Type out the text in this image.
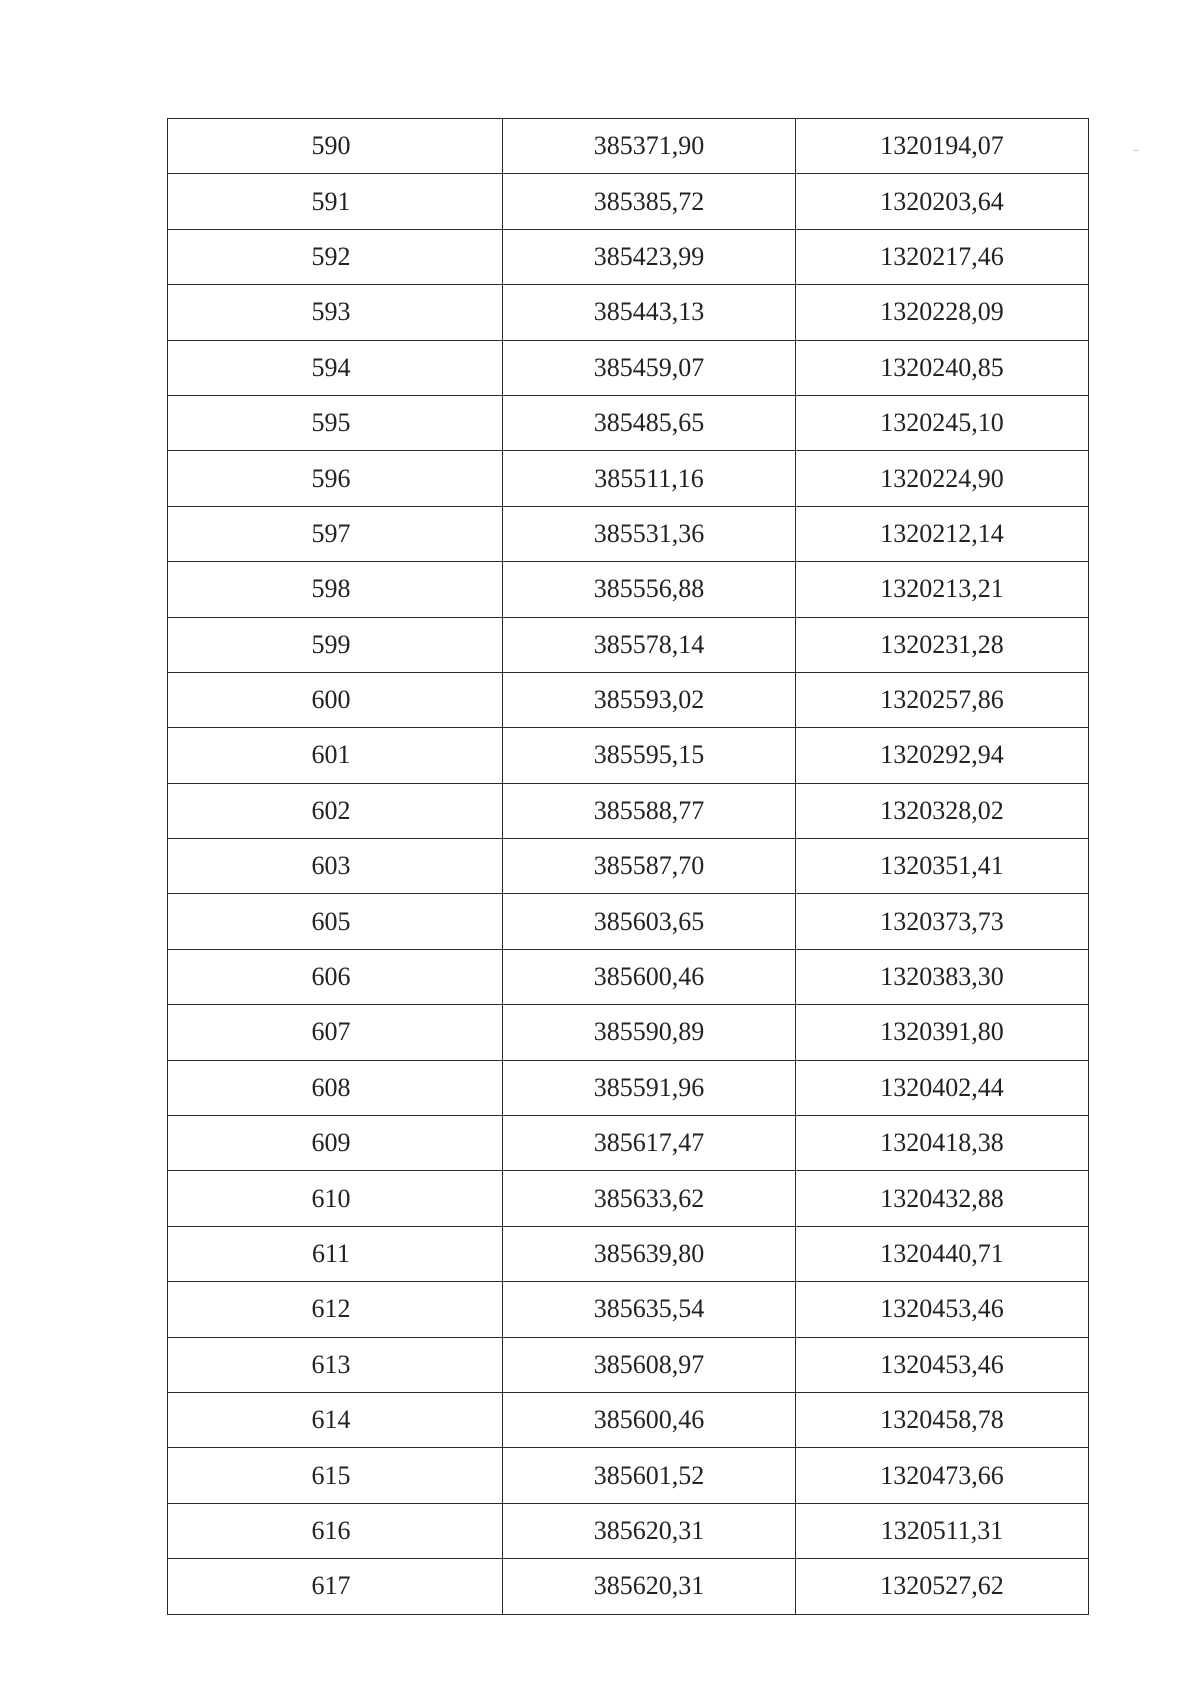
590	385371,90	1320194,07
591	385385,72	1320203,64
592	385423,99	1320217,46
593	385443,13	1320228,09
594	385459,07	1320240,85
595	385485,65	1320245,10
596	385511,16	1320224,90
597	385531,36	1320212,14
598	385556,88	1320213,21
599	385578,14	1320231,28
600	385593,02	1320257,86
601	385595,15	1320292,94
602	385588,77	1320328,02
603	385587,70	1320351,41
605	385603,65	1320373,73
606	385600,46	1320383,30
607	385590,89	1320391,80
608	385591,96	1320402,44
609	385617,47	1320418,38
610	385633,62	1320432,88
611	385639,80	1320440,71
612	385635,54	1320453,46
613	385608,97	1320453,46
614	385600,46	1320458,78
615	385601,52	1320473,66
616	385620,31	1320511,31
617	385620,31	1320527,62
